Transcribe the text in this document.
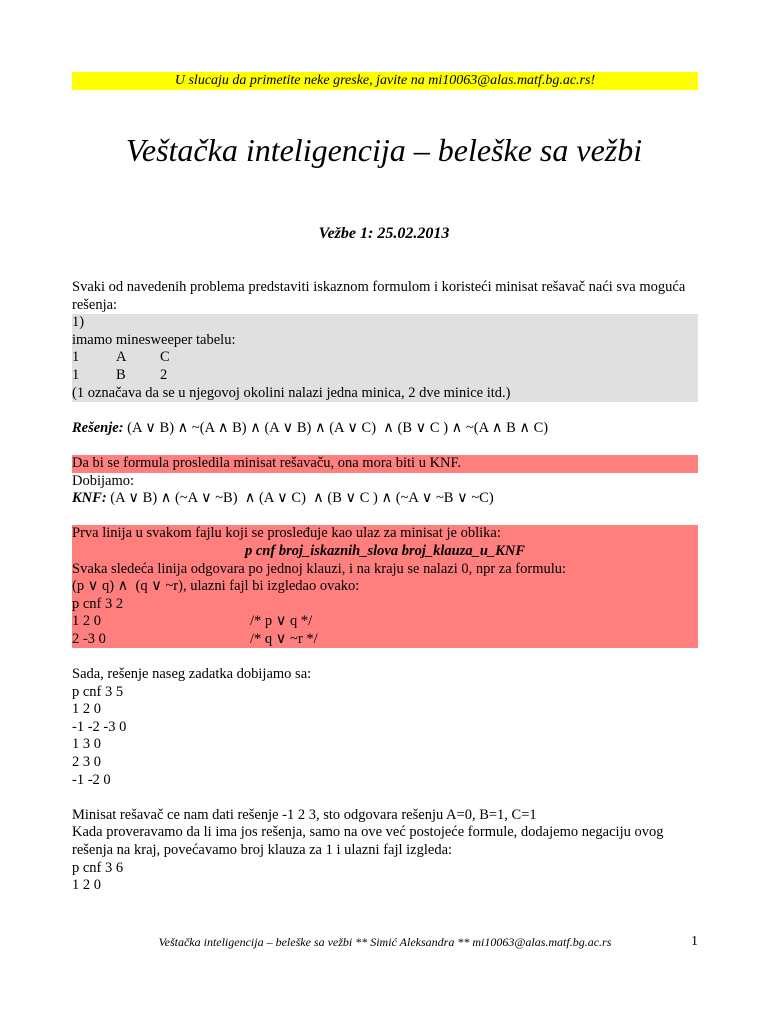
U slucaju da primetite neke greske, javite na mi10063@alas.matf.bg.ac.rs!
Veštačka inteligencija – beleške sa vežbi
Vežbe 1: 25.02.2013
Svaki od navedenih problema predstaviti iskaznom formulom i koristeći minisat rešavač naći sva moguća rešenja:
1)
imamo minesweeper tabelu:
1	A C
1	B 2
(1 označava da se u njegovoj okolini nalazi jedna minica, 2 dve minice itd.)
Rešenje: (A ∨ B) ∧ ~(A ∧ B) ∧ (A ∨ B) ∧ (A ∨ C)  ∧ (B ∨ C ) ∧ ~(A ∧ B ∧ C)
Da bi se formula prosledila minisat rešavaču, ona mora biti u KNF.
Dobijamo:
KNF: (A ∨ B) ∧ (~A ∨ ~B)  ∧ (A ∨ C)  ∧ (B ∨ C ) ∧ (~A ∨ ~B ∨ ~C)
Prva linija u svakom fajlu koji se prosleđuje kao ulaz za minisat je oblika:
p cnf broj_iskaznih_slova broj_klauza_u_KNF
Svaka sledeća linija odgovara po jednoj klauzi, i na kraju se nalazi 0, npr za formulu:
(p ∨ q) ∧  (q ∨ ~r), ulazni fajl bi izgledao ovako:
p cnf 3 2
1 2 0	/* p ∨ q */
2 -3 0	/* q ∨ ~r */
Sada, rešenje naseg zadatka dobijamo sa:
p cnf 3 5
1 2 0
-1 -2 -3 0
1 3 0
2 3 0
-1 -2 0
Minisat rešavač ce nam dati rešenje -1 2 3, sto odgovara rešenju A=0, B=1, C=1
Kada proveravamo da li ima jos rešenja, samo na ove već postojeće formule, dodajemo negaciju ovog rešenja na kraj, povećavamo broj klauza za 1 i ulazni fajl izgleda:
p cnf 3 6
1 2 0
Veštačka inteligencija – beleške sa vežbi ** Simić Aleksandra ** mi10063@alas.matf.bg.ac.rs	1
